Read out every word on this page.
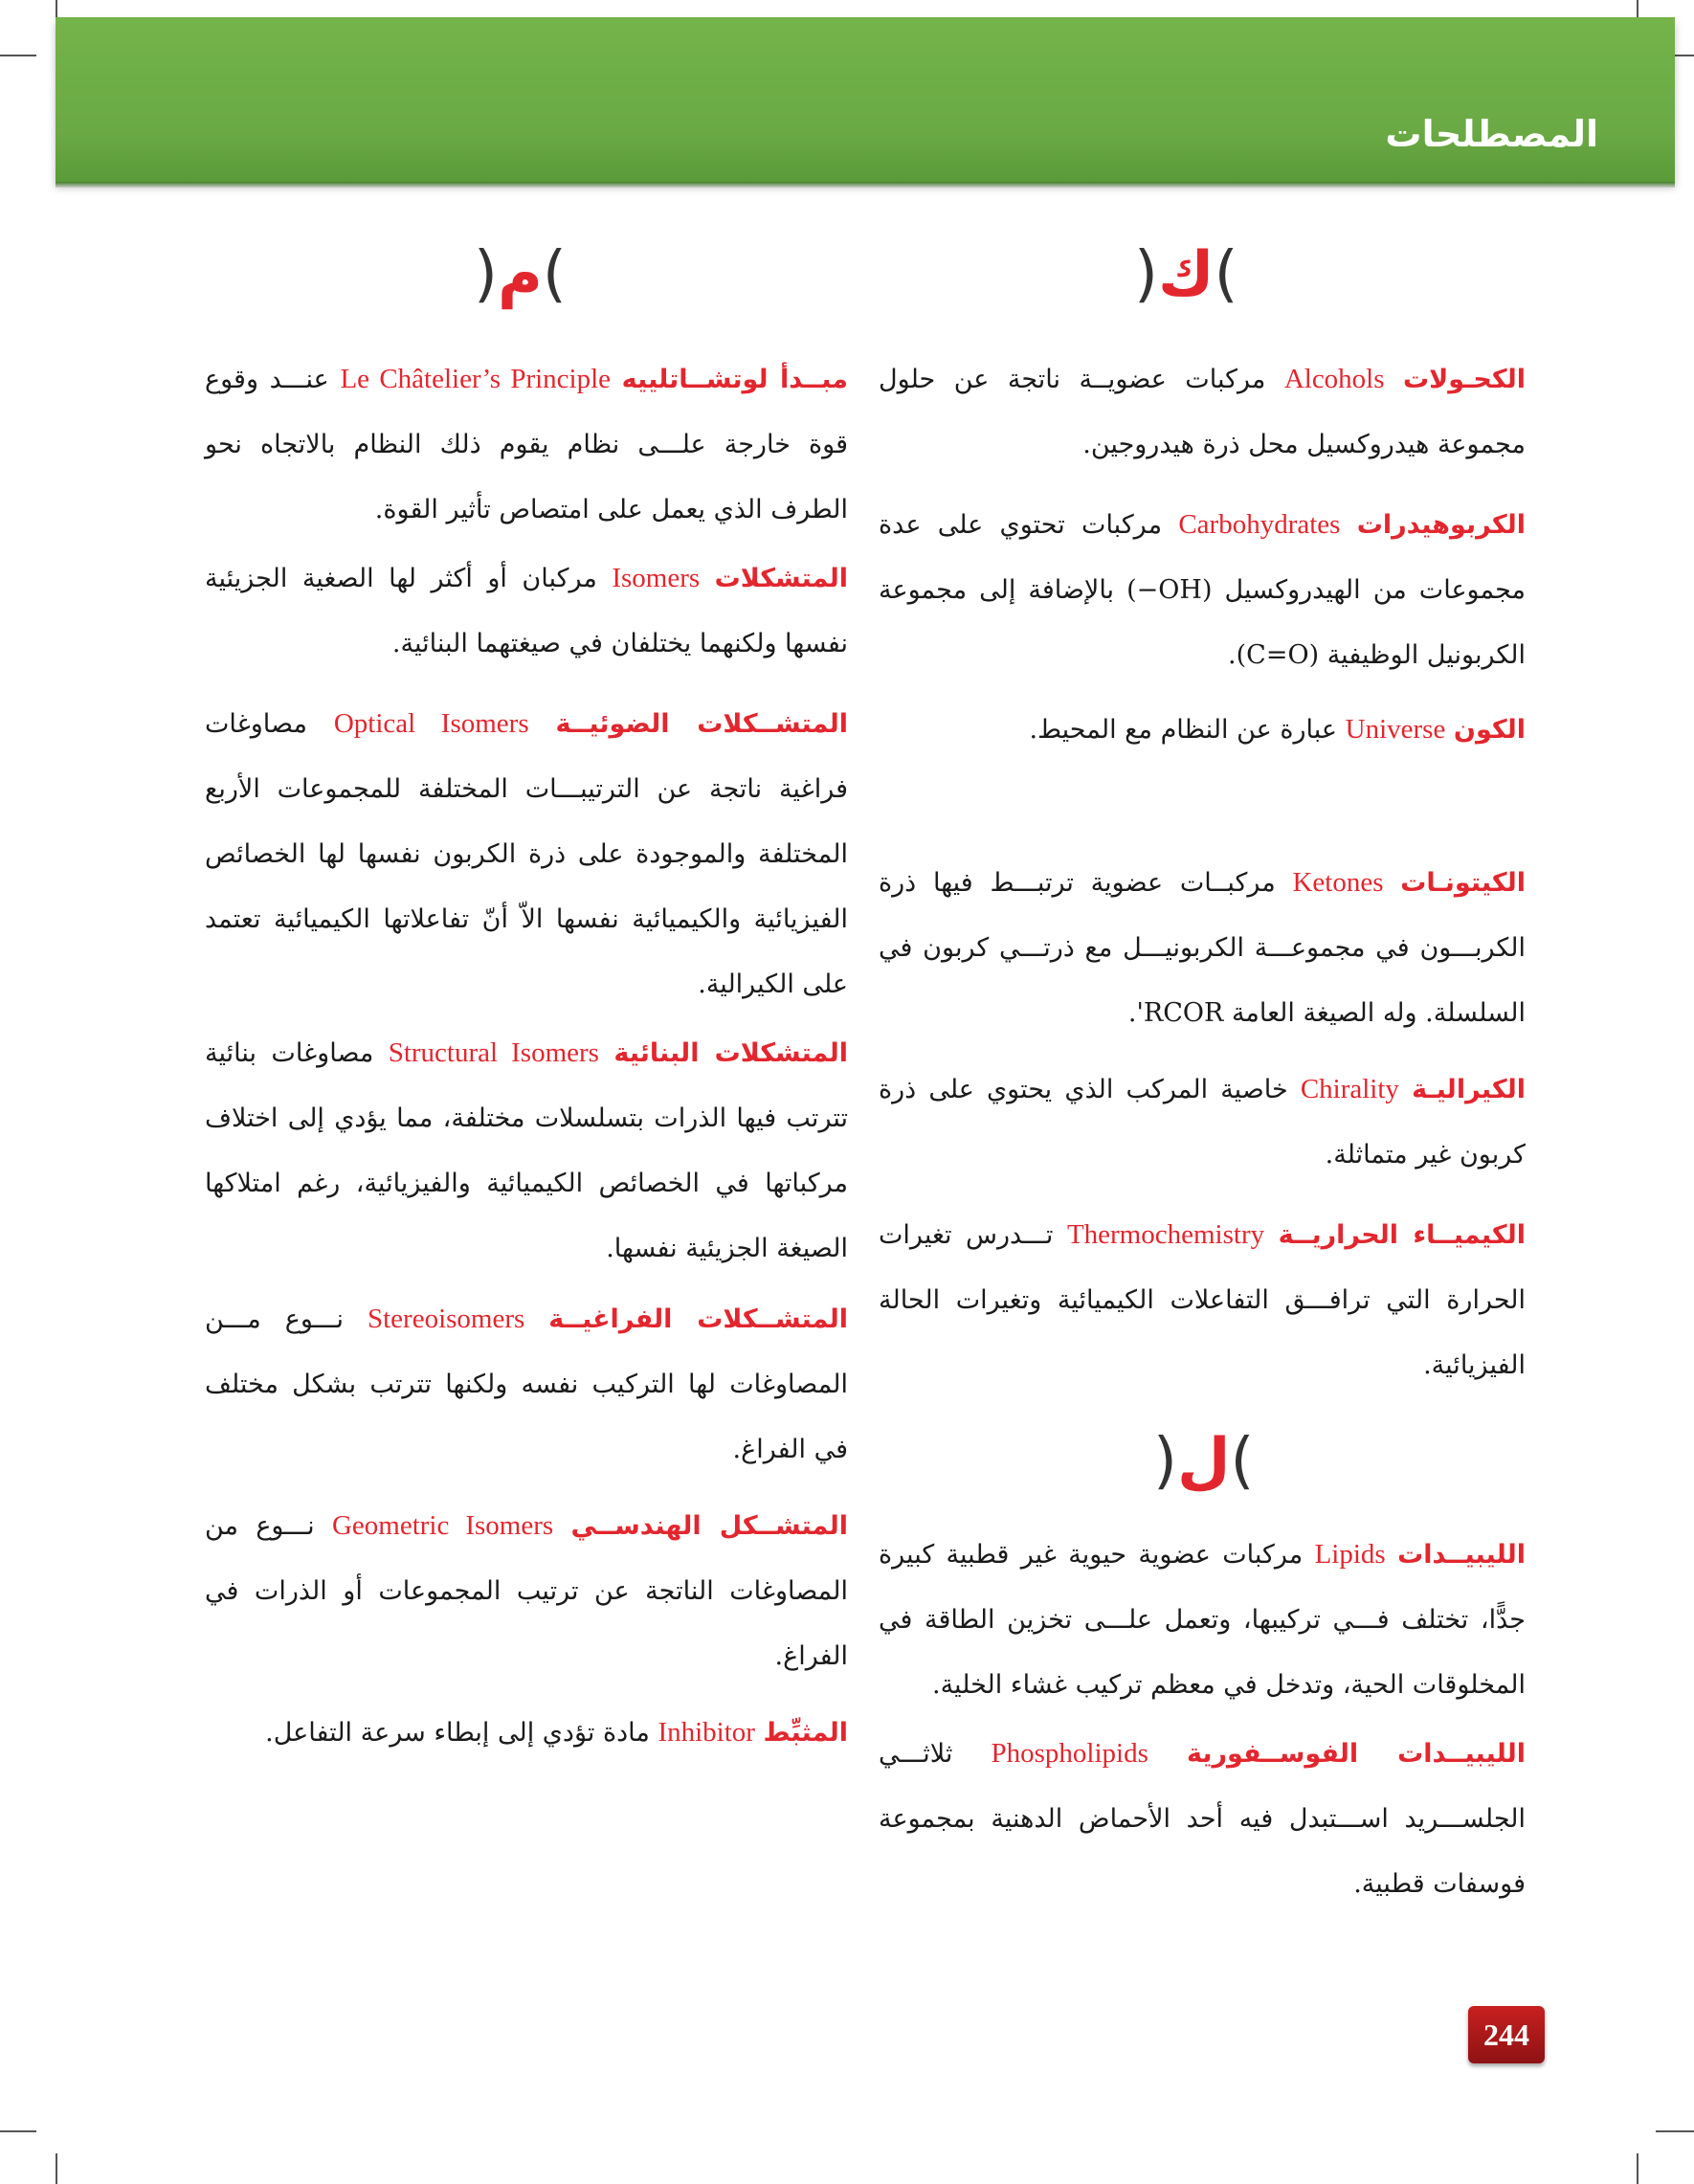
المصطلحات
)ك(
)م(
)ل(

الكحـولات Alcohols مركبات عضويــة ناتجة عن حلول مجموعة هيدروكسيل محل ذرة هيدروجين.

الكربوهيدرات Carbohydrates مركبات تحتوي على عدة مجموعات من الهيدروكسيل (OH−) بالإضافة إلى مجموعة الكربونيل الوظيفية (C=O).

الكون Universe عبارة عن النظام مع المحيط.

الكيتونـات Ketones مركبــات عضوية ترتبـــط فيها ذرة الكربـــون في مجموعـــة الكربونيـــل مع ذرتـــي كربون في السلسلة. وله الصيغة العامة RCOR'.

الكيراليـة Chirality خاصية المركب الذي يحتوي على ذرة كربون غير متماثلة.

الكيميــاء الحراريــة Thermochemistry تـــدرس تغيرات الحرارة التي ترافـــق التفاعلات الكيميائية وتغيرات الحالة الفيزيائية.

الليبيــدات Lipids مركبات عضوية حيوية غير قطبية كبيرة جدًّا، تختلف فـــي تركيبها، وتعمل علـــى تخزين الطاقة في المخلوقات الحية، وتدخل في معظم تركيب غشاء الخلية.

الليبيــدات الفوســفورية Phospholipids ثلاثـــي الجلســـريد اســـتبدل فيه أحد الأحماض الدهنية بمجموعة فوسفات قطبية.

مبــدأ لوتشــاتلييه Le Châtelier’s Principle عنـــد وقوع قوة خارجة علـــى نظام يقوم ذلك النظام بالاتجاه نحو الطرف الذي يعمل على امتصاص تأثير القوة.

المتشكلات Isomers مركبان أو أكثر لها الصغية الجزيئية نفسها ولكنهما يختلفان في صيغتهما البنائية.

المتشــكلات الضوئيــة Optical Isomers مصاوغات فراغية ناتجة عن الترتيبـــات المختلفة للمجموعات الأربع المختلفة والموجودة على ذرة الكربون نفسها لها الخصائص الفيزيائية والكيميائية نفسها الاّ أنّ تفاعلاتها الكيميائية تعتمد على الكيرالية.

المتشكلات البنائية Structural Isomers مصاوغات بنائية تترتب فيها الذرات بتسلسلات مختلفة، مما يؤدي إلى اختلاف مركباتها في الخصائص الكيميائية والفيزيائية، رغم امتلاكها الصيغة الجزيئية نفسها.

المتشــكلات الفراغيــة Stereoisomers نـــوع مـــن المصاوغات لها التركيب نفسه ولكنها تترتب بشكل مختلف في الفراغ.

المتشــكل الهندســي Geometric Isomers نـــوع من المصاوغات الناتجة عن ترتيب المجموعات أو الذرات في الفراغ.

المثبِّط Inhibitor مادة تؤدي إلى إبطاء سرعة التفاعل.

244
